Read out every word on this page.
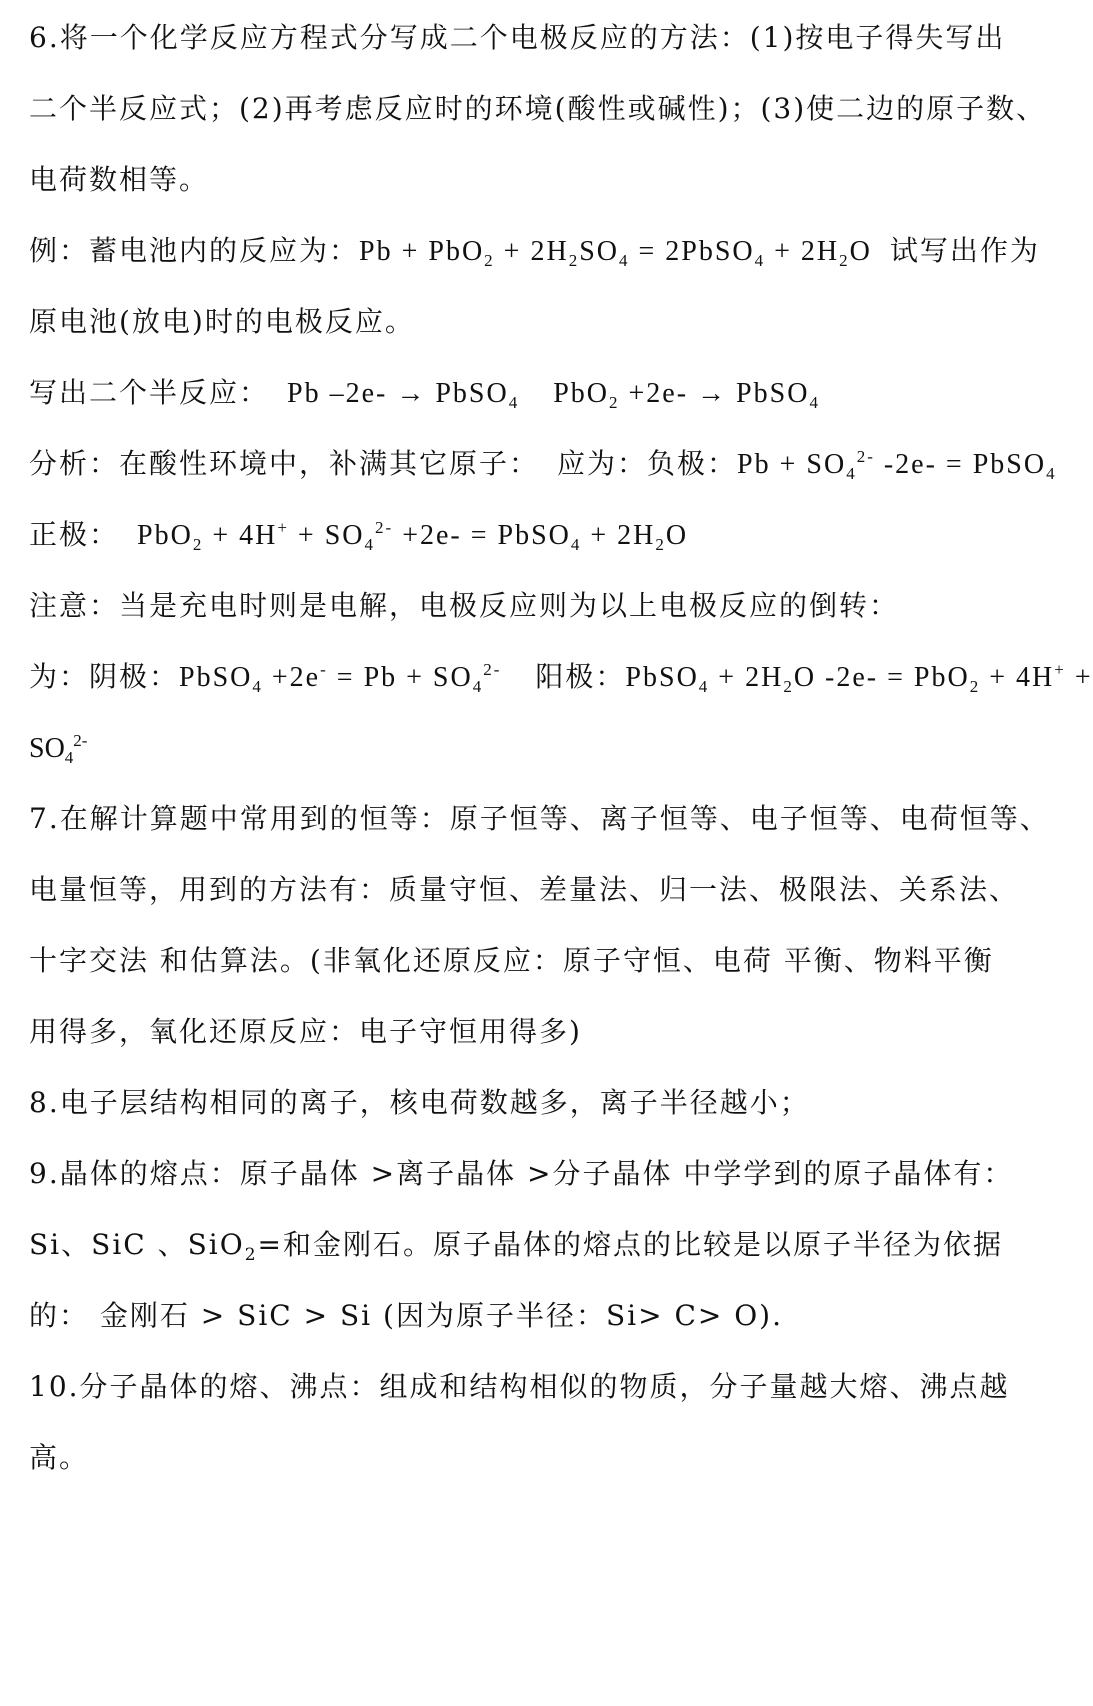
6.将一个化学反应方程式分写成二个电极反应的方法：(1)按电子得失写出
二个半反应式；(2)再考虑反应时的环境(酸性或碱性)；(3)使二边的原子数、
电荷数相等。
例：蓄电池内的反应为：$Pb + PbO_2 + 2H_2SO_4$ = 2PbSO$_4$ + $2H_2O$ 试写出作为
原电池(放电)时的电极反应。
写出二个半反应： Pb –2e- → PbSO$_4$ PbO$_2$ +2e- → PbSO$_4$
分析：在酸性环境中，补满其它原子： 应为：负极：$Pb + SO_4^{2-}$ -2e- = PbSO$_4$
正极： $PbO_2 + 4H^+ + SO_4^{2-} +2e-$ = PbSO$_4$ + $2H_2O$
注意：当是充电时则是电解，电极反应则为以上电极反应的倒转：
为：阴极：PbSO$_4$ $+2e^- = Pb + SO_4^{2-}$ 阳极：PbSO$_4$ + $2H_2O$ -2e- = PbO$_2$ + 4H+ +
$SO_4^{2-}$
7.在解计算题中常用到的恒等：原子恒等、离子恒等、电子恒等、电荷恒等、
电量恒等，用到的方法有：质量守恒、差量法、归一法、极限法、关系法、
十字交法 和估算法。(非氧化还原反应：原子守恒、电荷 平衡、物料平衡
用得多，氧化还原反应：电子守恒用得多)
8.电子层结构相同的离子，核电荷数越多，离子半径越小；
9.晶体的熔点：原子晶体 >离子晶体 >分子晶体 中学学到的原子晶体有：
Si、SiC 、SiO$_2$=和金刚石。原子晶体的熔点的比较是以原子半径为依据
的： 金刚石 > SiC > Si (因为原子半径：Si> C> O).
10.分子晶体的熔、沸点：组成和结构相似的物质，分子量越大熔、沸点越
高。
